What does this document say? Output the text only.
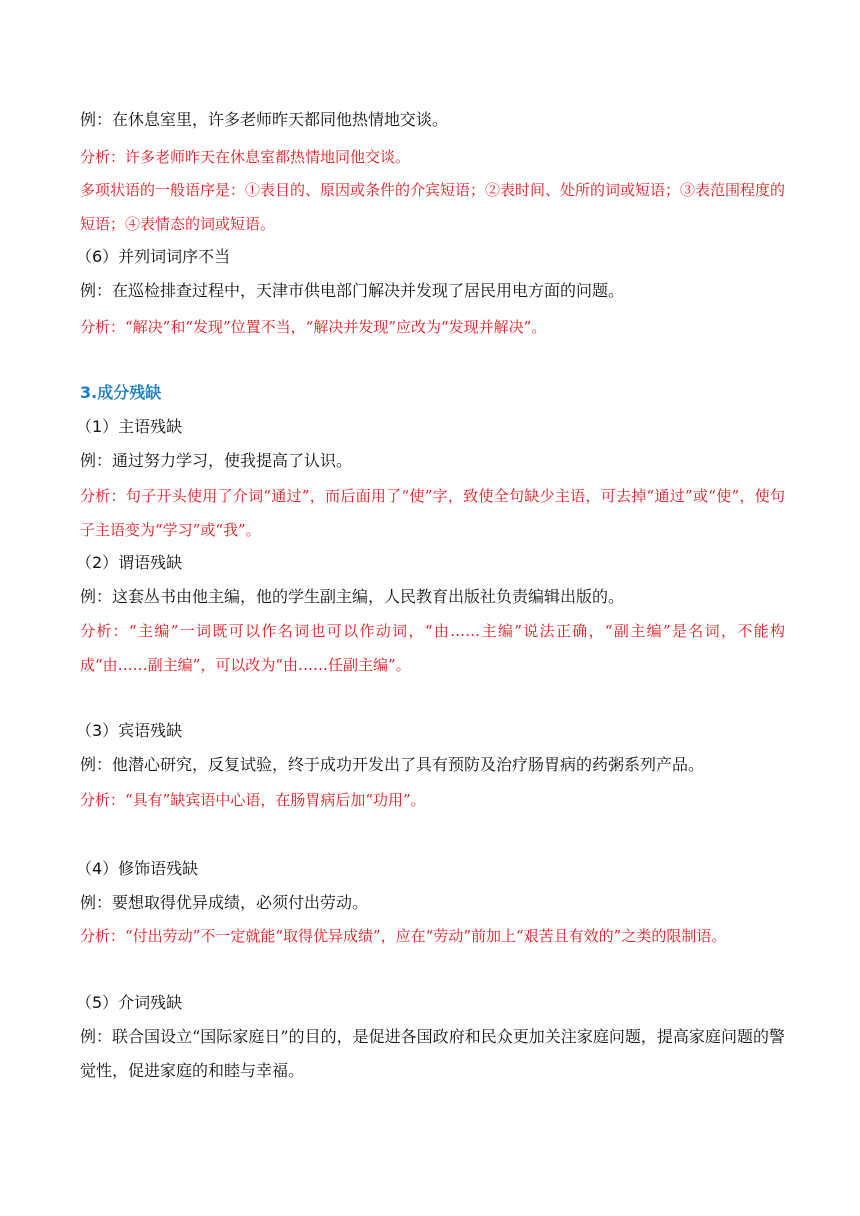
例：在休息室里，许多老师昨天都同他热情地交谈。
分析：许多老师昨天在休息室都热情地同他交谈。
多项状语的一般语序是：①表目的、原因或条件的介宾短语；②表时间、处所的词或短语；③表范围程度的短语；④表情态的词或短语。
（6）并列词词序不当
例：在巡检排查过程中，天津市供电部门解决并发现了居民用电方面的问题。
分析：“解决”和“发现”位置不当，“解决并发现”应改为“发现并解决”。
3.成分残缺
（1）主语残缺
例：通过努力学习，使我提高了认识。
分析：句子开头使用了介词“通过”，而后面用了“使”字，致使全句缺少主语，可去掉“通过”或“使”，使句子主语变为“学习”或“我”。
（2）谓语残缺
例：这套丛书由他主编，他的学生副主编，人民教育出版社负责编辑出版的。
分析：“主编”一词既可以作名词也可以作动词，“由……主编”说法正确，“副主编”是名词，不能构成“由……副主编”，可以改为“由……任副主编”。
（3）宾语残缺
例：他潜心研究，反复试验，终于成功开发出了具有预防及治疗肠胃病的药粥系列产品。
分析：“具有”缺宾语中心语，在肠胃病后加“功用”。
（4）修饰语残缺
例：要想取得优异成绩，必须付出劳动。
分析：“付出劳动”不一定就能“取得优异成绩”，应在“劳动”前加上“艰苦且有效的”之类的限制语。
（5）介词残缺
例：联合国设立“国际家庭日”的目的，是促进各国政府和民众更加关注家庭问题，提高家庭问题的警觉性，促进家庭的和睦与幸福。
